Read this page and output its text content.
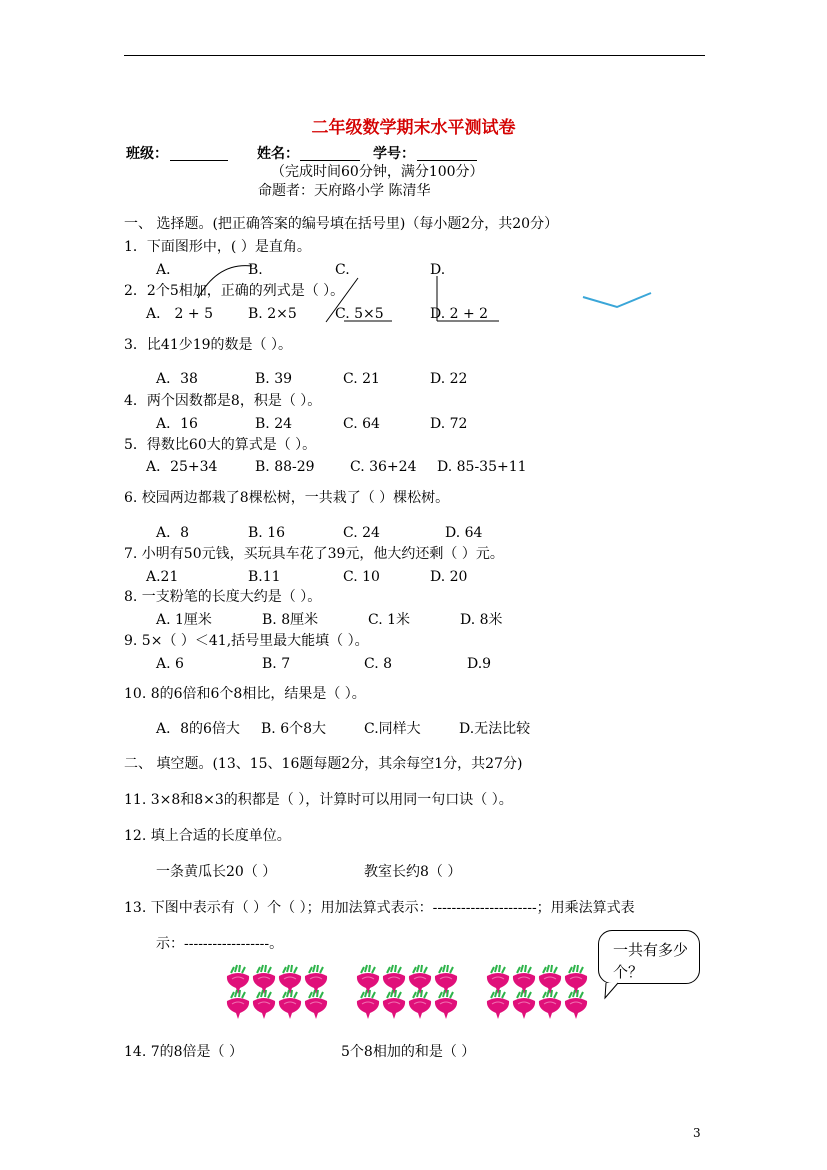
二年级数学期末水平测试卷
班级：	姓名：	学号：
（完成时间60分钟，满分100分）
命题者：天府路小学 陈清华
一、 选择题。(把正确答案的编号填在括号里)（每小题2分，共20分）
1．下面图形中，( ）是直角。
A．	B.	C.	D.
2．2个5相加，正确的列式是（ ）。
A． 2 + 5 B. 2×5	C. 5×5	D. 2 + 2
3．比41少19的数是（ ）。
A．38	B. 39	C. 21	D. 22
4．两个因数都是8，积是（ ）。
A．16	B. 24	C. 64	D. 72
5．得数比60大的算式是（ ）。
A．25+34	B. 88-29	C. 36+24 D. 85-35+11
6. 校园两边都栽了8棵松树，一共栽了（ ）棵松树。
A．8	B. 16	C. 24	D. 64
7. 小明有50元钱，买玩具车花了39元，他大约还剩（ ）元。
A.21	B.11	C. 10	D. 20
8. 一支粉笔的长度大约是（ ）。
A. 1厘米	B. 8厘米	C. 1米	D. 8米
9. 5×（ ）＜41,括号里最大能填（ ）。
A. 6	B. 7	C. 8	D.9
10. 8的6倍和6个8相比，结果是（ ）。
A．8的6倍大 B. 6个8大	C.同样大	D.无法比较
二、 填空题。(13、15、16题每题2分，其余每空1分，共27分)
11. 3×8和8×3的积都是（ ），计算时可以用同一句口诀（ ）。
12. 填上合适的长度单位。
一条黄瓜长20（ ）	教室长约8（ ）
13. 下图中表示有（ ）个（ ）；用加法算式表示：----------------------；用乘法算式表
示：------------------。	一共有多少个？
14. 7的8倍是（ ）	5个8相加的和是（ ）
3
